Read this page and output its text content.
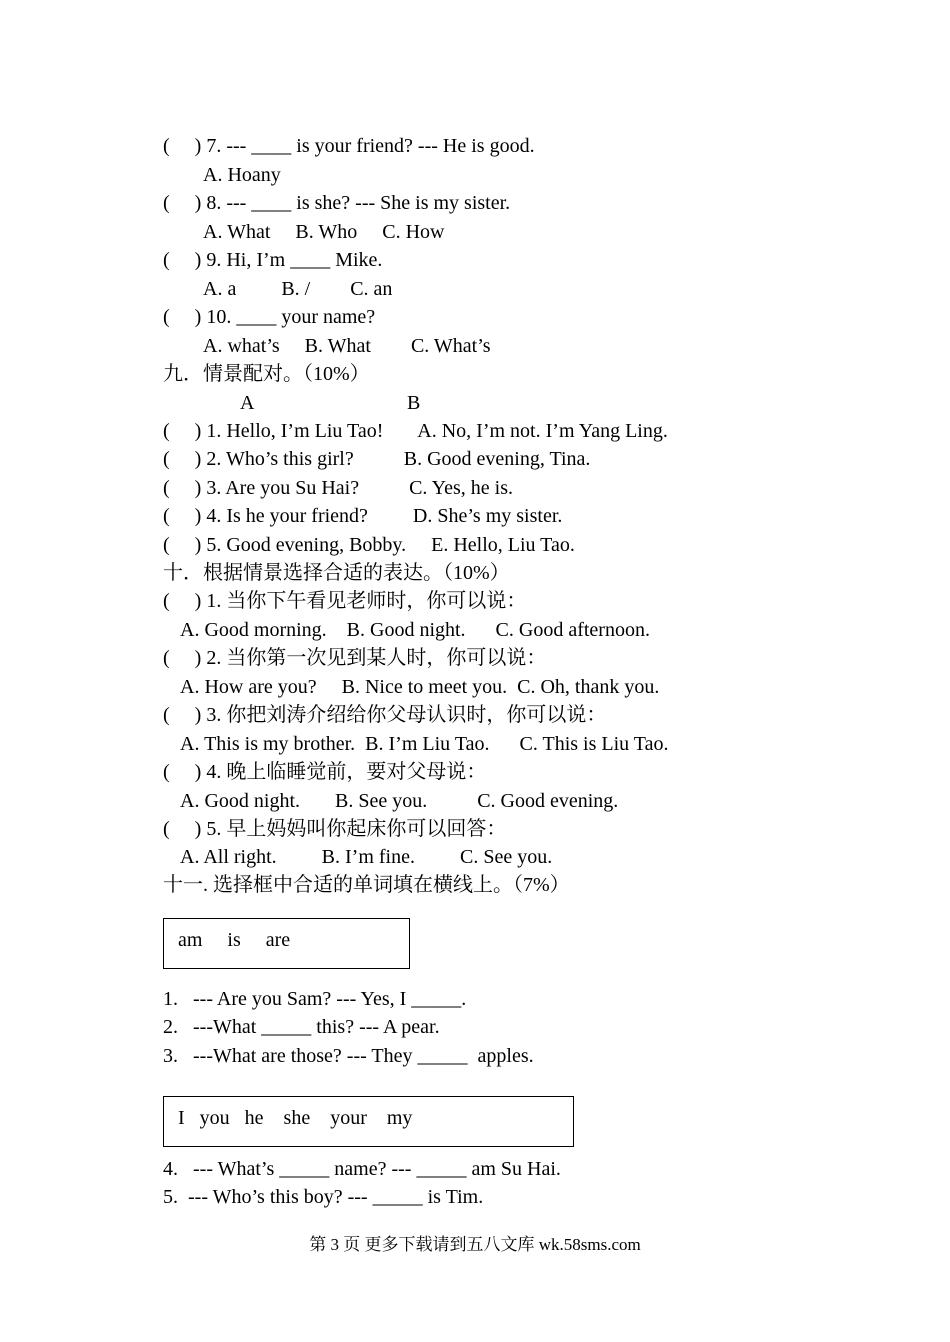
(     ) 7. --- ____ is your friend? --- He is good.
A. Hoany
(     ) 8. --- ____ is she? --- She is my sister.
A. What     B. Who     C. How
(     ) 9. Hi, I’m ____ Mike.
A. a         B. /        C. an
(     ) 10. ____ your name?
A. what’s     B. What        C. What’s
九．情景配对。（10%）
A	B
(     ) 1. Hello, I’m Liu Tao!       A. No, I’m not. I’m Yang Ling.
(     ) 2. Who’s this girl?          B. Good evening, Tina.
(     ) 3. Are you Su Hai?          C. Yes, he is.
(     ) 4. Is he your friend?         D. She’s my sister.
(     ) 5. Good evening, Bobby.     E. Hello, Liu Tao.
十．根据情景选择合适的表达。（10%）
(     ) 1. 当你下午看见老师时，你可以说：
A. Good morning.    B. Good night.      C. Good afternoon.
(     ) 2. 当你第一次见到某人时，你可以说：
A. How are you?     B. Nice to meet you.  C. Oh, thank you.
(     ) 3. 你把刘涛介绍给你父母认识时，你可以说：
A. This is my brother.  B. I’m Liu Tao.      C. This is Liu Tao.
(     ) 4. 晚上临睡觉前，要对父母说：
A. Good night.       B. See you.          C. Good evening.
(     ) 5. 早上妈妈叫你起床你可以回答：
A. All right.         B. I’m fine.         C. See you.
十一. 选择框中合适的单词填在横线上。（7%）
am     is     are
1.   --- Are you Sam? --- Yes, I _____.
2.   ---What _____ this? --- A pear.
3.   ---What are those? --- They _____  apples.
I   you   he    she    your    my
4.   --- What’s _____ name? --- _____ am Su Hai.
5.  --- Who’s this boy? --- _____ is Tim.
第 3 页 更多下载请到五八文库 wk.58sms.com
